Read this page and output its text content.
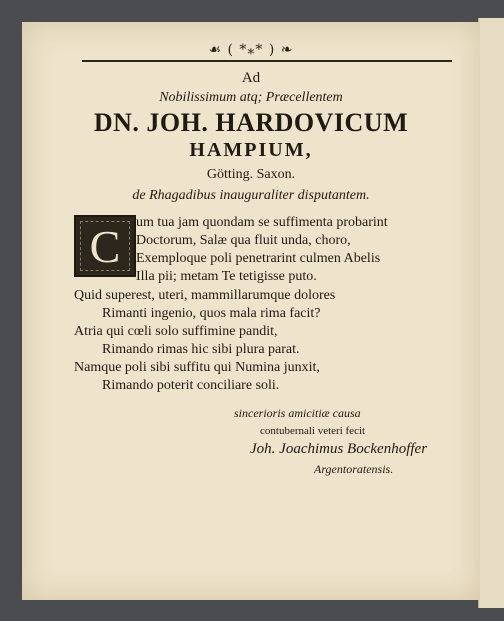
☙ ( *⁎* ) ❧
Ad
Nobilissimum atq; Præcellentem
DN. JOH. HARDOVICUM
HAMPIUM,
Götting. Saxon.
de Rhagadibus inauguraliter disputantem.
C	um tua jam quondam se suffimenta probarint
Doctorum, Salæ qua fluit unda, choro,
Exemploque poli penetrarint culmen Abelis
Illa pii; metam Te tetigisse puto.
Quid superest, uteri, mammillarumque dolores
Rimanti ingenio, quos mala rima facit?
Atria qui cœli solo suffimine pandit,
Rimando rimas hic sibi plura parat.
Namque poli sibi suffitu qui Numina junxit,
Rimando poterit conciliare soli.
sincerioris amicitiæ causa
contubernali veteri fecit
Joh. Joachimus Bockenhoffer
Argentoratensis.
